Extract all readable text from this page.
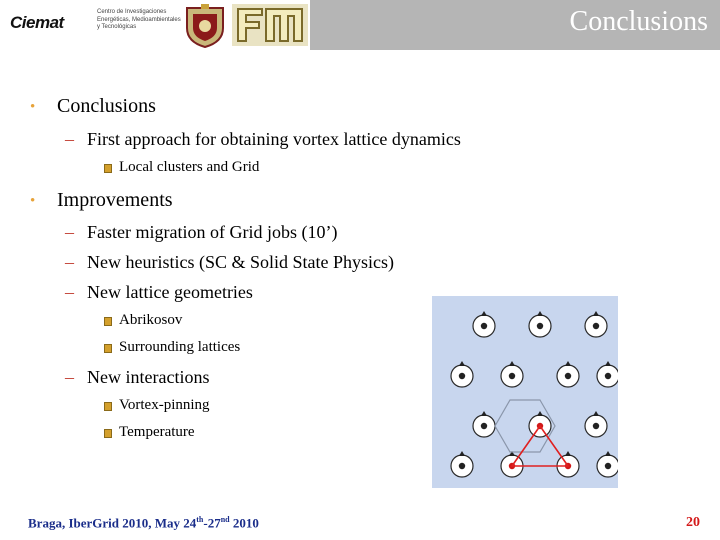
Ciemat
Centro de Investigaciones Energéticas, Medioambientales y Tecnológicas	Conclusions
• Conclusions
– First approach for obtaining vortex lattice dynamics
Local clusters and Grid
• Improvements
– Faster migration of Grid jobs (10’)
– New heuristics (SC & Solid State Physics)
– New lattice geometries
Abrikosov
Surrounding lattices
– New interactions
Vortex-pinning
Temperature
Braga, IberGrid 2010, May 24th-27nd 2010	20
